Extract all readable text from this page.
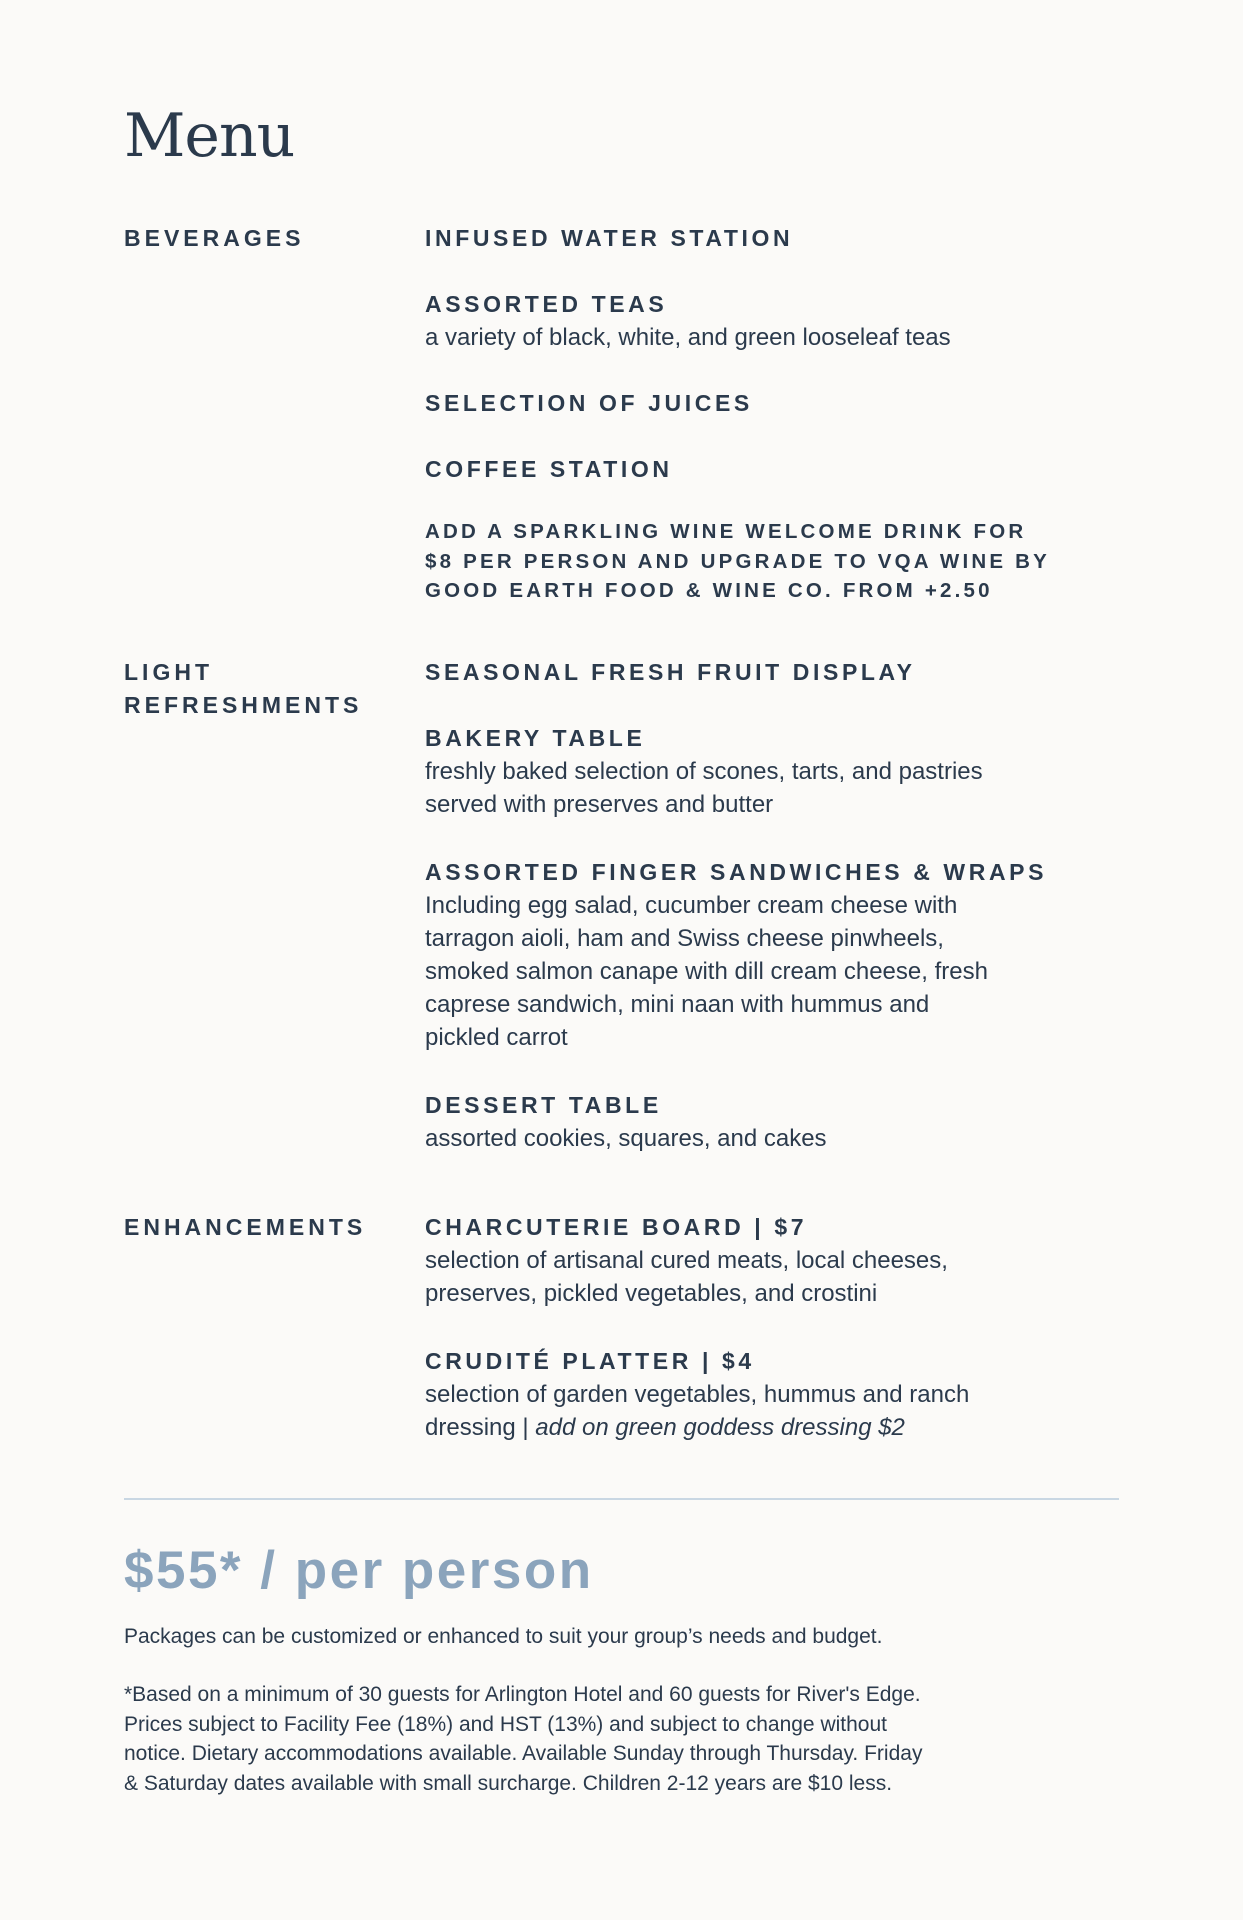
Menu
BEVERAGES	INFUSED WATER STATION
ASSORTED TEAS
a variety of black, white, and green looseleaf teas
SELECTION OF JUICES
COFFEE STATION
ADD A SPARKLING WINE WELCOME DRINK FOR
$8 PER PERSON AND UPGRADE TO VQA WINE BY
GOOD EARTH FOOD & WINE CO. FROM +2.50
LIGHT
REFRESHMENTS
SEASONAL FRESH FRUIT DISPLAY
BAKERY TABLE
freshly baked selection of scones, tarts, and pastries
served with preserves and butter
ASSORTED FINGER SANDWICHES & WRAPS
Including egg salad, cucumber cream cheese with
tarragon aioli, ham and Swiss cheese pinwheels,
smoked salmon canape with dill cream cheese, fresh
caprese sandwich, mini naan with hummus and
pickled carrot
DESSERT TABLE
assorted cookies, squares, and cakes
ENHANCEMENTS	CHARCUTERIE BOARD | $7
selection of artisanal cured meats, local cheeses,
preserves, pickled vegetables, and crostini
CRUDITÉ PLATTER | $4
selection of garden vegetables, hummus and ranch
dressing | add on green goddess dressing $2
$55* / per person
Packages can be customized or enhanced to suit your group’s needs and budget.
*Based on a minimum of 30 guests for Arlington Hotel and 60 guests for River's Edge.
Prices subject to Facility Fee (18%) and HST (13%) and subject to change without
notice. Dietary accommodations available. Available Sunday through Thursday. Friday
& Saturday dates available with small surcharge. Children 2-12 years are $10 less.
